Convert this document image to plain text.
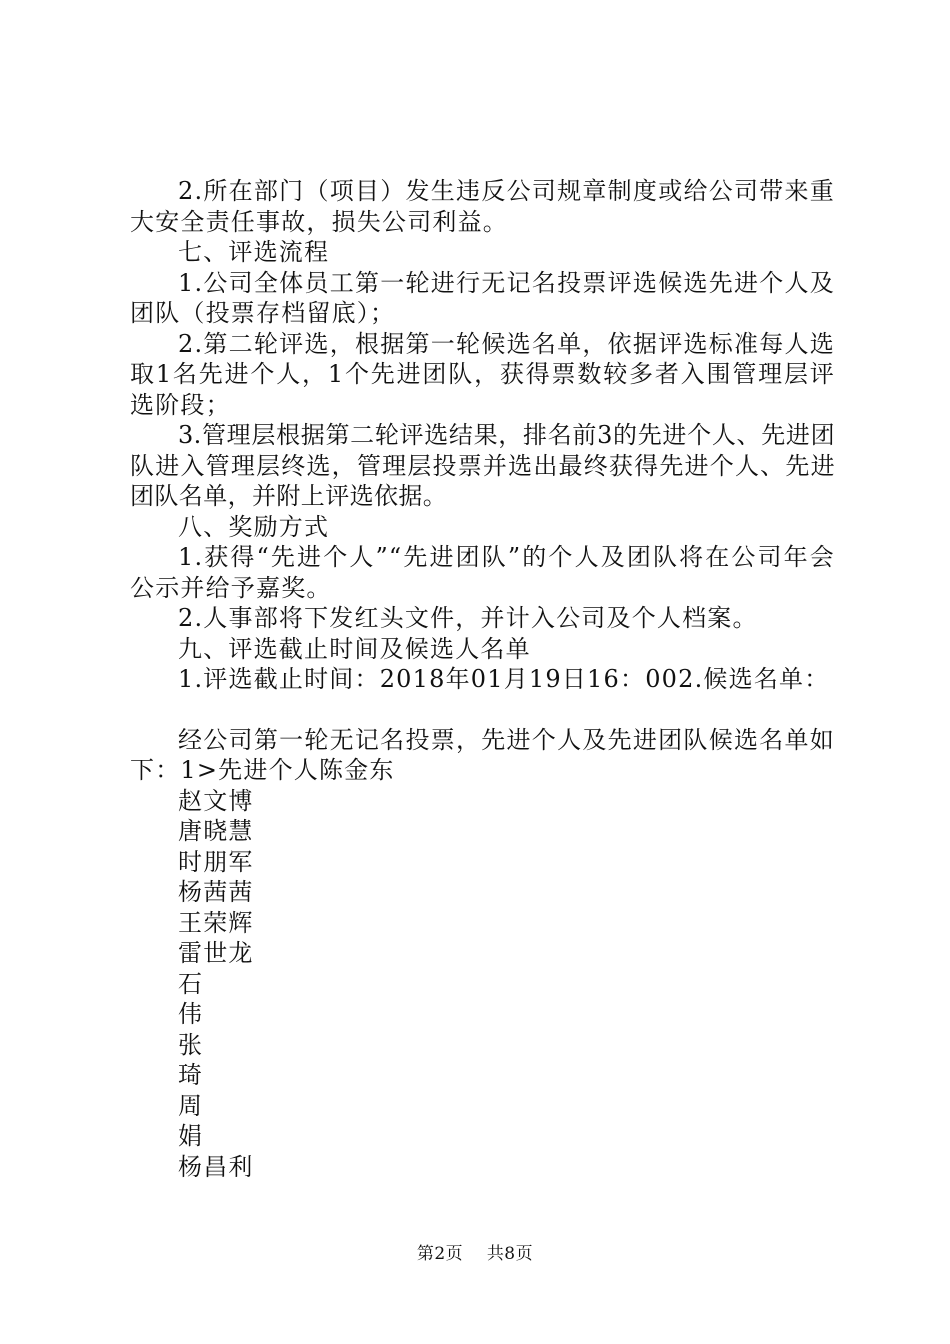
2.所在部门（项目）发生违反公司规章制度或给公司带来重大安全责任事故，损失公司利益。

七、评选流程

1.公司全体员工第一轮进行无记名投票评选候选先进个人及团队（投票存档留底）；

2.第二轮评选，根据第一轮候选名单，依据评选标准每人选取1名先进个人，1个先进团队，获得票数较多者入围管理层评选阶段；

3.管理层根据第二轮评选结果，排名前3的先进个人、先进团队进入管理层终选，管理层投票并选出最终获得先进个人、先进团队名单，并附上评选依据。

八、奖励方式

1.获得“先进个人”“先进团队”的个人及团队将在公司年会公示并给予嘉奖。

2.人事部将下发红头文件，并计入公司及个人档案。

九、评选截止时间及候选人名单

1.评选截止时间：2018年01月19日16：002.候选名单：

经公司第一轮无记名投票，先进个人及先进团队候选名单如下：1>先进个人陈金东

赵文博
唐晓慧
时朋军
杨茜茜
王荣辉
雷世龙
石
伟
张
琦
周
娟
杨昌利
第2页 共8页
